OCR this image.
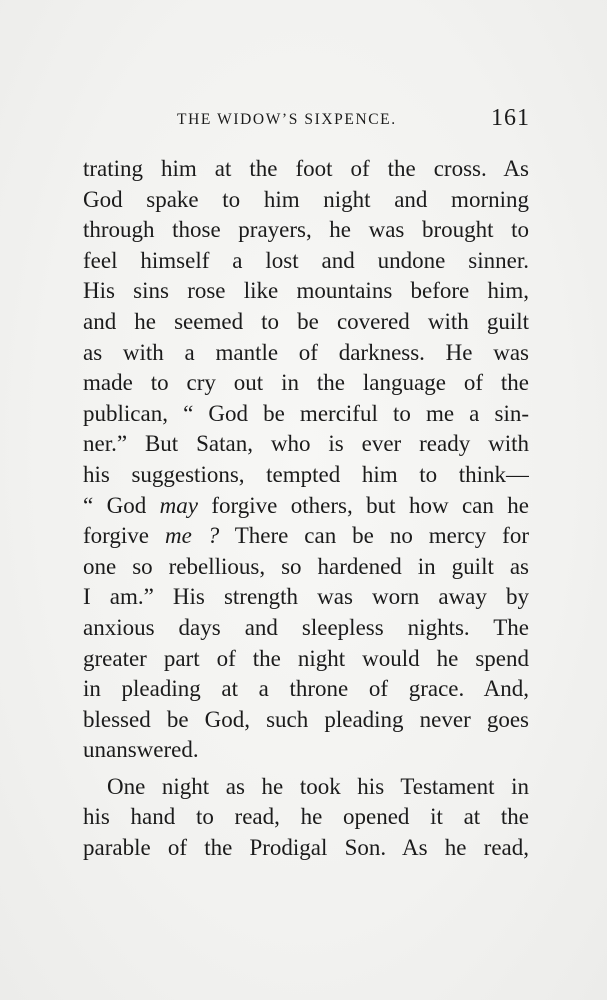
THE WIDOW’S SIXPENCE.	161
trating him at the foot of the cross. As
God spake to him night and morning
through those prayers, he was brought to
feel himself a lost and undone sinner.
His sins rose like mountains before him,
and he seemed to be covered with guilt
as with a mantle of darkness. He was
made to cry out in the language of the
publican, “ God be merciful to me a sin-
ner.” But Satan, who is ever ready with
his suggestions, tempted him to think—
“ God may forgive others, but how can he
forgive me ? There can be no mercy for
one so rebellious, so hardened in guilt as
I am.” His strength was worn away by
anxious days and sleepless nights. The
greater part of the night would he spend
in pleading at a throne of grace. And,
blessed be God, such pleading never goes
unanswered.
One night as he took his Testament in
his hand to read, he opened it at the
parable of the Prodigal Son. As he read,
